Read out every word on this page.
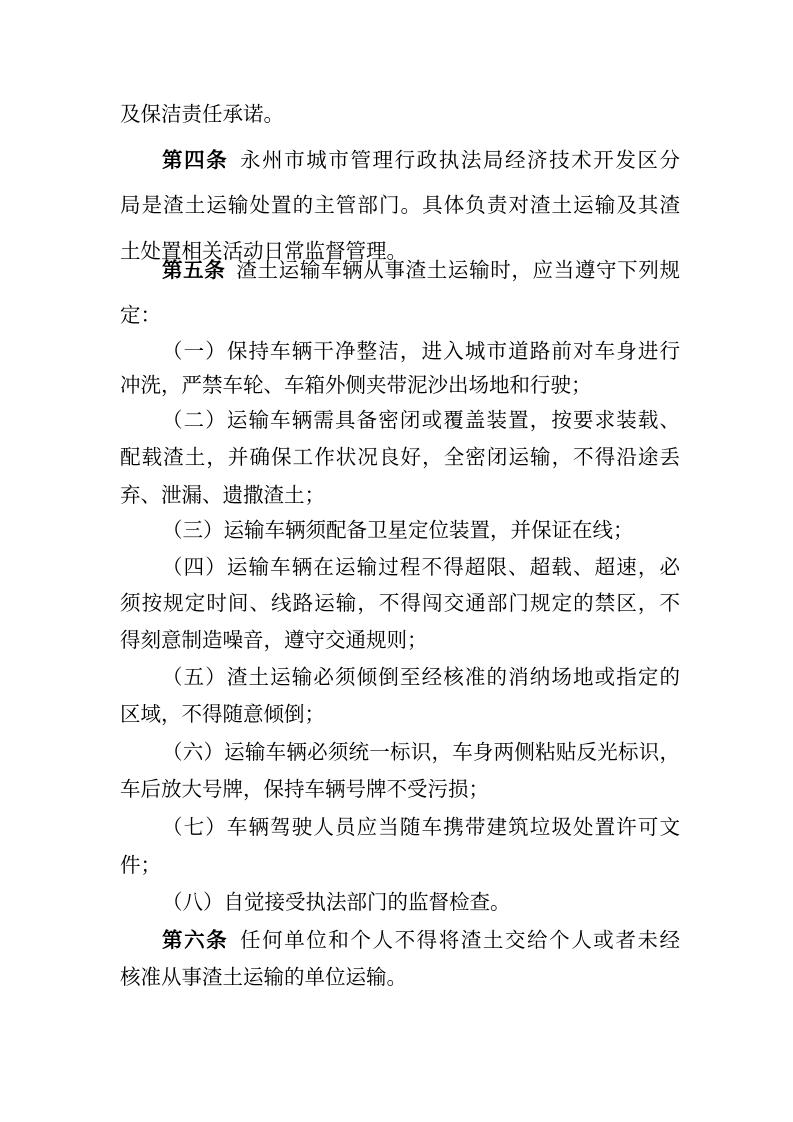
及保洁责任承诺。
第四条  永州市城市管理行政执法局经济技术开发区分
局是渣土运输处置的主管部门。具体负责对渣土运输及其渣
土处置相关活动日常监督管理。
第五条  渣土运输车辆从事渣土运输时，应当遵守下列规
定：
（一）保持车辆干净整洁，进入城市道路前对车身进行
冲洗，严禁车轮、车箱外侧夹带泥沙出场地和行驶；
（二）运输车辆需具备密闭或覆盖装置，按要求装载、
配载渣土，并确保工作状况良好，全密闭运输，不得沿途丢
弃、泄漏、遗撒渣土；
（三）运输车辆须配备卫星定位装置，并保证在线；
（四）运输车辆在运输过程不得超限、超载、超速，必
须按规定时间、线路运输，不得闯交通部门规定的禁区，不
得刻意制造噪音，遵守交通规则；
（五）渣土运输必须倾倒至经核准的消纳场地或指定的
区域，不得随意倾倒；
（六）运输车辆必须统一标识，车身两侧粘贴反光标识，
车后放大号牌，保持车辆号牌不受污损；
（七）车辆驾驶人员应当随车携带建筑垃圾处置许可文
件；
（八）自觉接受执法部门的监督检查。
第六条  任何单位和个人不得将渣土交给个人或者未经
核准从事渣土运输的单位运输。
